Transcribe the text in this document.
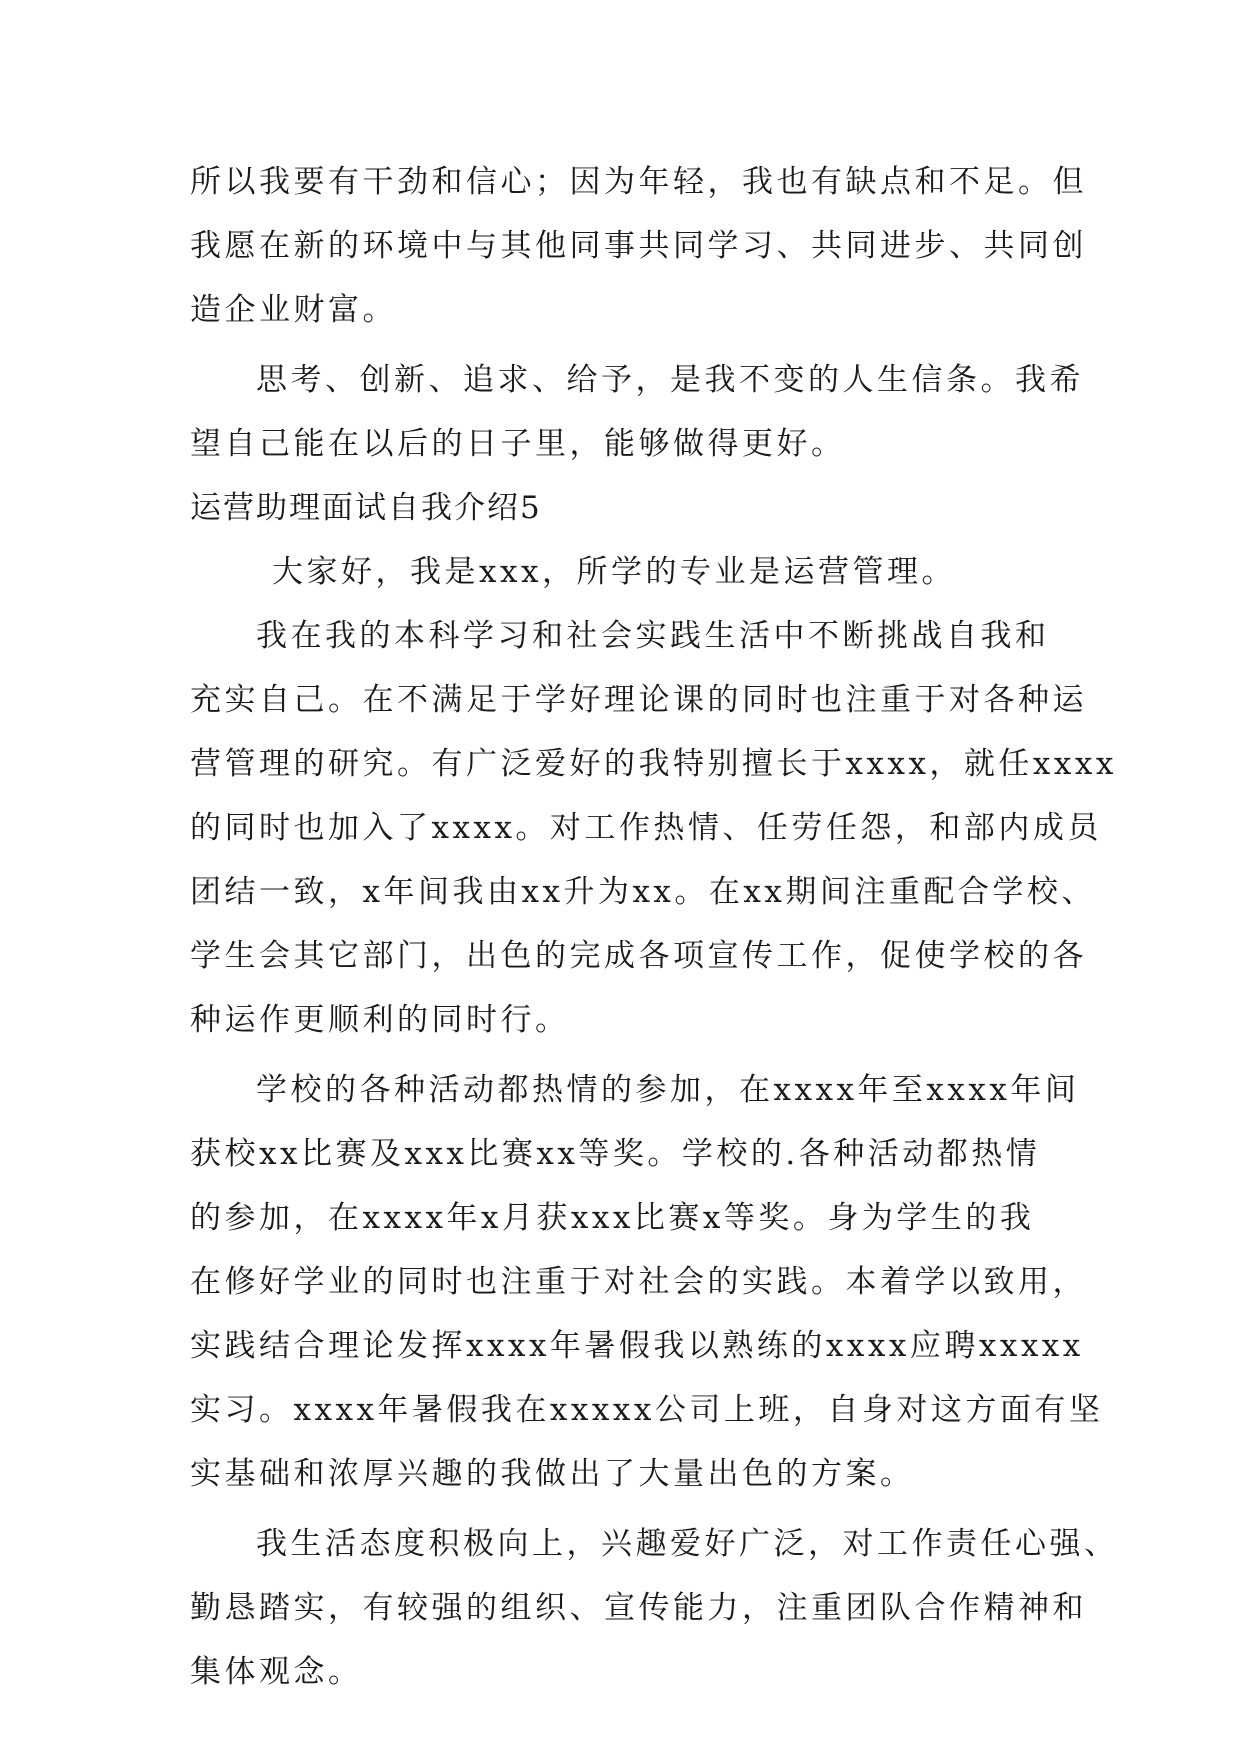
所以我要有干劲和信心；因为年轻，我也有缺点和不足。但
我愿在新的环境中与其他同事共同学习、共同进步、共同创
造企业财富。
思考、创新、追求、给予，是我不变的人生信条。我希
望自己能在以后的日子里，能够做得更好。
运营助理面试自我介绍5
大家好，我是xxx，所学的专业是运营管理。
我在我的本科学习和社会实践生活中不断挑战自我和
充实自己。在不满足于学好理论课的同时也注重于对各种运
营管理的研究。有广泛爱好的我特别擅长于xxxx，就任xxxx
的同时也加入了xxxx。对工作热情、任劳任怨，和部内成员
团结一致，x年间我由xx升为xx。在xx期间注重配合学校、
学生会其它部门，出色的完成各项宣传工作，促使学校的各
种运作更顺利的同时行。
学校的各种活动都热情的参加，在xxxx年至xxxx年间
获校xx比赛及xxx比赛xx等奖。学校的.各种活动都热情
的参加，在xxxx年x月获xxx比赛x等奖。身为学生的我
在修好学业的同时也注重于对社会的实践。本着学以致用，
实践结合理论发挥xxxx年暑假我以熟练的xxxx应聘xxxxx
实习。xxxx年暑假我在xxxxx公司上班，自身对这方面有坚
实基础和浓厚兴趣的我做出了大量出色的方案。
我生活态度积极向上，兴趣爱好广泛，对工作责任心强、
勤恳踏实，有较强的组织、宣传能力，注重团队合作精神和
集体观念。
